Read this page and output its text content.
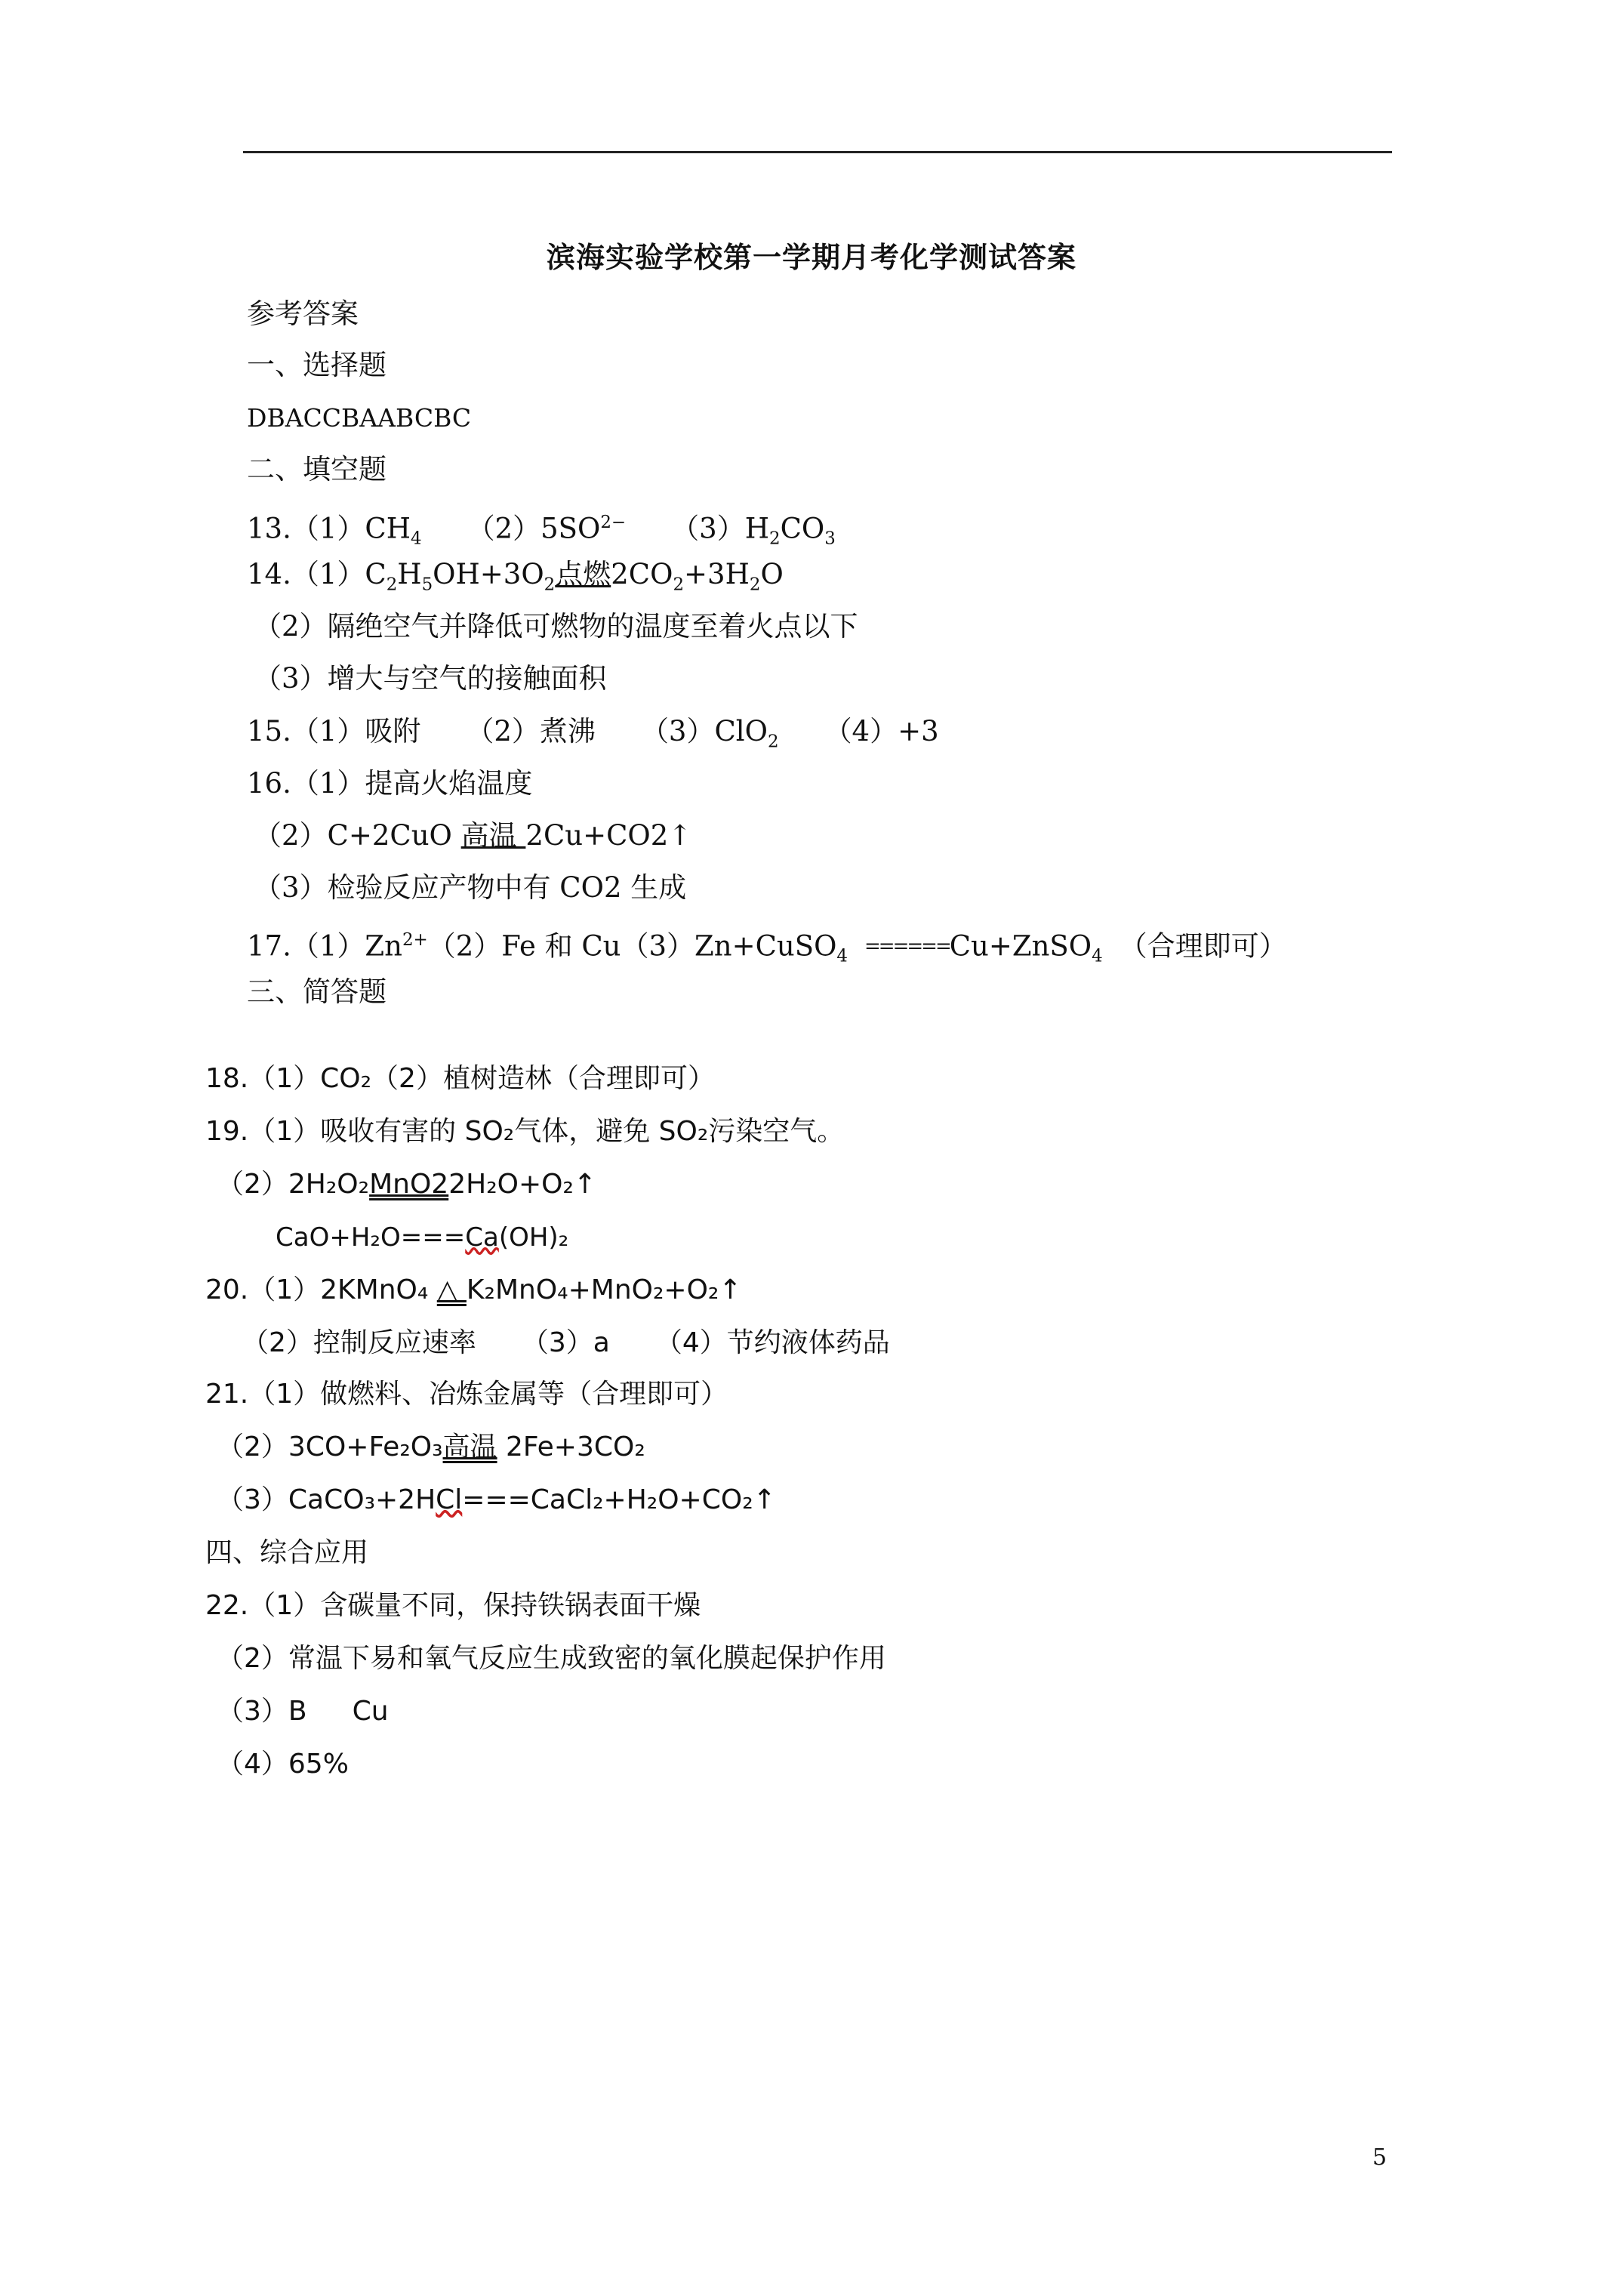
滨海实验学校第一学期月考化学测试答案
参考答案
一、选择题
DBACCBAABCBC
二、填空题
$13.(1)CH_4$ $(2)5SO^{2-}$ $(3)H_2CO_3$
$14.(1)C_2H_5OH+3O_2$点燃$2CO_2+3H_2O$
（2）隔绝空气并降低可燃物的温度至着火点以下
（3）增大与空气的接触面积
15.（1）吸附 （2）煮沸 （3）ClO$_2$ （4）+3
16.（1）提高火焰温度
（2）C+2CuO 高温 2Cu+CO2↑
（3）检验反应产物中有 CO2 生成
$17.(1)Zn^{2+}(2)Fe$ 和 Cu（3）Zn+CuSO$_4$ ======Cu+ZnSO$_4$ （合理即可）
三、简答题
18.（1）CO₂（2）植树造林（合理即可）
19.（1）吸收有害的 SO₂气体，避免 SO₂污染空气。
（2）2H₂O₂MnO22H₂O+O₂↑
CaO+H₂O===Ca(OH)₂
20.（1）2KMnO₄ △ K₂MnO₄+MnO₂+O₂↑
（2）控制反应速率 （3）a （4）节约液体药品
21.（1）做燃料、冶炼金属等（合理即可）
（2）3CO+Fe₂O₃高温 2Fe+3CO₂
（3）CaCO₃+2HCl===CaCl₂+H₂O+CO₂↑
四、综合应用
22.（1）含碳量不同，保持铁锅表面干燥
（2）常温下易和氧气反应生成致密的氧化膜起保护作用
（3）B Cu
（4）65%
5
